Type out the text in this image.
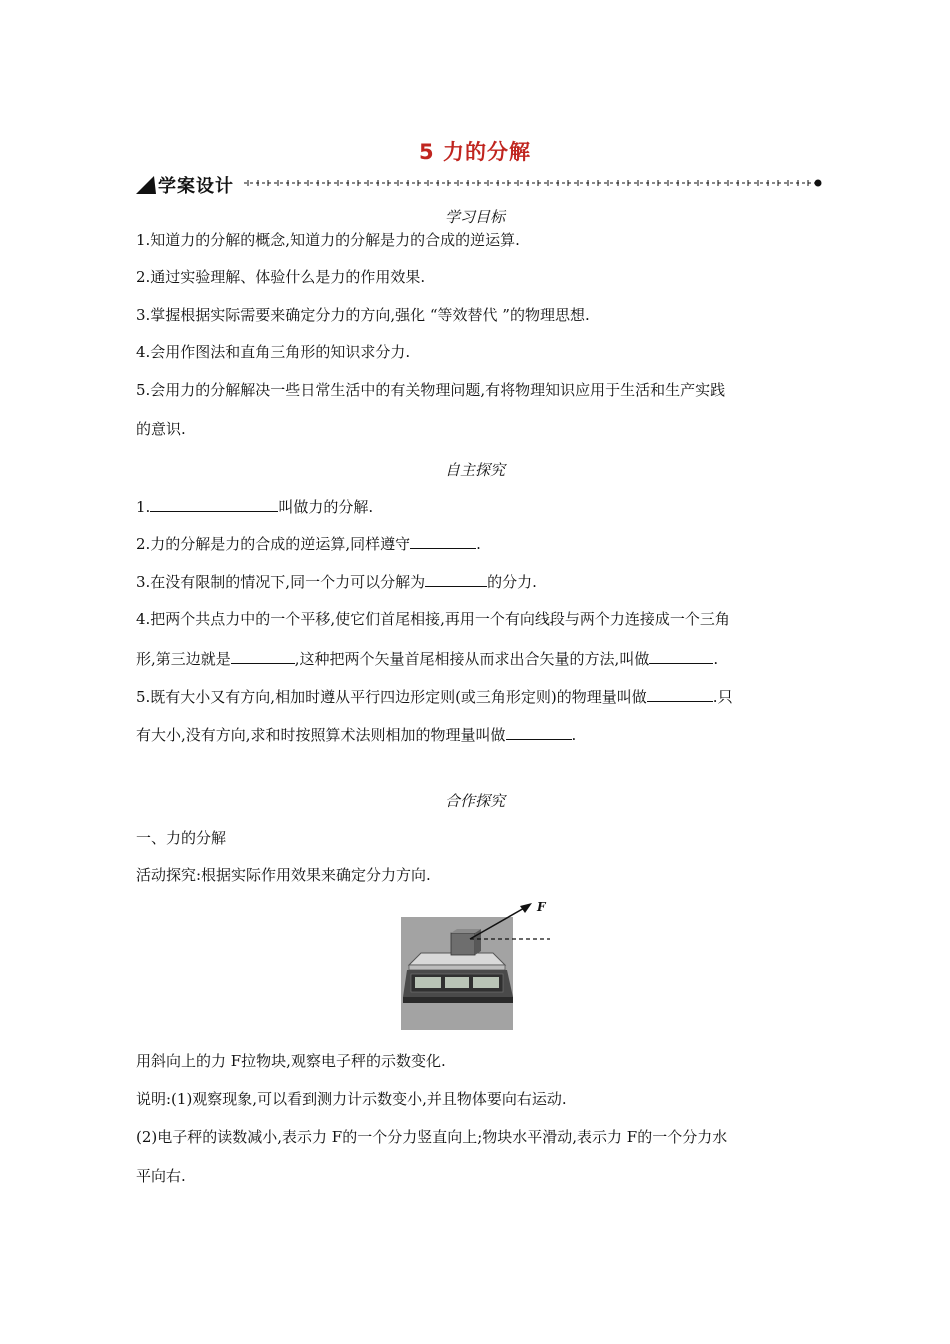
5 力的分解
学案设计
学习目标
1.知道力的分解的概念,知道力的分解是力的合成的逆运算.
2.通过实验理解、体验什么是力的作用效果.
3.掌握根据实际需要来确定分力的方向,强化 “等效替代 ”的物理思想.
4.会用作图法和直角三角形的知识求分力.
5.会用力的分解解决一些日常生活中的有关物理问题,有将物理知识应用于生活和生产实践
的意识.
自主探究
1.	叫做力的分解.
2.力的分解是力的合成的逆运算,同样遵守	.
3.在没有限制的情况下,同一个力可以分解为	的分力.
4.把两个共点力中的一个平移,使它们首尾相接,再用一个有向线段与两个力连接成一个三角
形,第三边就是	,这种把两个矢量首尾相接从而求出合矢量的方法,叫做	.
5.既有大小又有方向,相加时遵从平行四边形定则(或三角形定则)的物理量叫做	.只
有大小,没有方向,求和时按照算术法则相加的物理量叫做	.
合作探究
一、力的分解
活动探究:根据实际作用效果来确定分力方向.
F
用斜向上的力 F拉物块,观察电子秤的示数变化.
说明:(1)观察现象,可以看到测力计示数变小,并且物体要向右运动.
(2)电子秤的读数减小,表示力 F的一个分力竖直向上;物块水平滑动,表示力 F的一个分力水
平向右.
